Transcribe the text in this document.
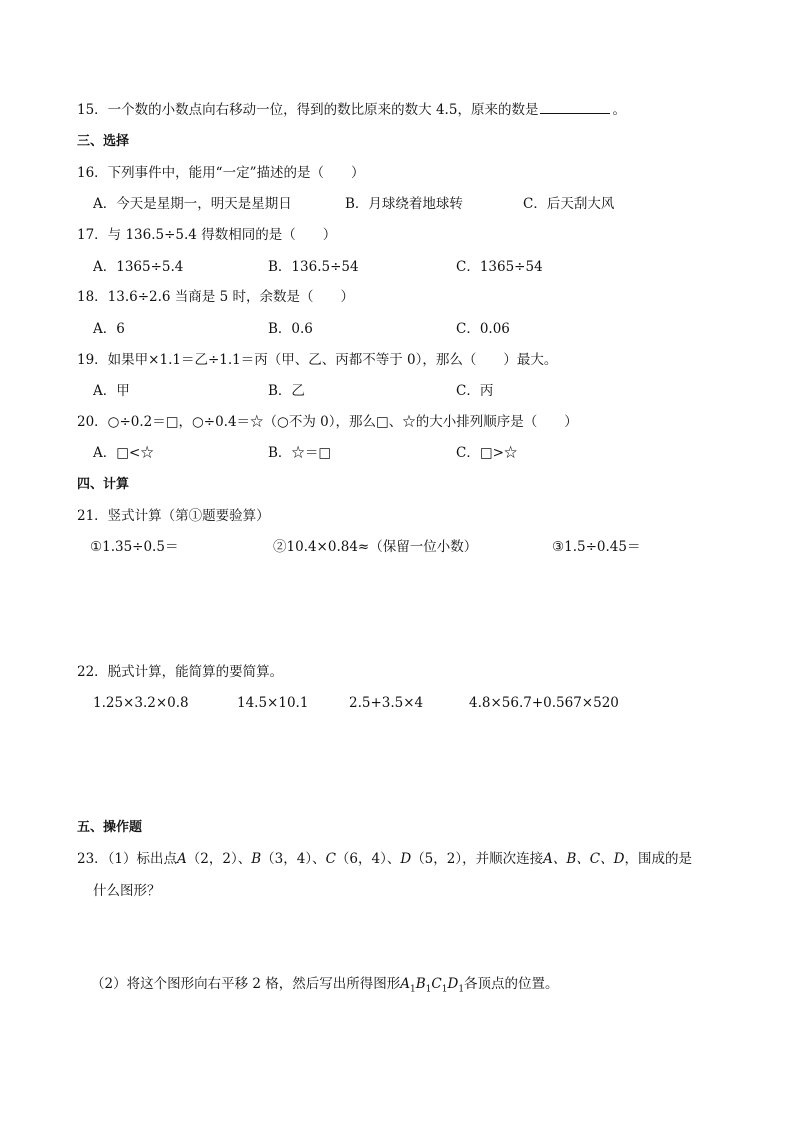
15．一个数的小数点向右移动一位，得到的数比原来的数大 4.5，原来的数是	。
三、选择
16．下列事件中，能用“一定”描述的是（　　）
A．今天是星期一，明天是星期日	B．月球绕着地球转	C．后天刮大风
17．与 136.5÷5.4 得数相同的是（　　）
A．1365÷5.4	B．136.5÷54	C．1365÷54
18．13.6÷2.6 当商是 5 时，余数是（　　）
A．6	B．0.6	C．0.06
19．如果甲×1.1＝乙÷1.1＝丙（甲、乙、丙都不等于 0），那么（　　）最大。
A．甲	B．乙	C．丙
20．○÷0.2＝□，○÷0.4＝☆（○不为 0），那么□、☆的大小排列顺序是（　　）
A．□<☆	B．☆＝□	C．□>☆
四、计算
21．竖式计算（第①题要验算）
①1.35÷0.5＝	②10.4×0.84≈（保留一位小数）	③1.5÷0.45＝
22．脱式计算，能简算的要简算。
1.25×3.2×0.8	14.5×10.1	2.5+3.5×4	4.8×56.7+0.567×520
五、操作题
23．（1）标出点A（2，2）、B（3，4）、C（6，4）、D（5，2），并顺次连接A、B、C、D，围成的是
什么图形？
（2）将这个图形向右平移 2 格，然后写出所得图形$A_1B_1C_1D_1$各顶点的位置。
